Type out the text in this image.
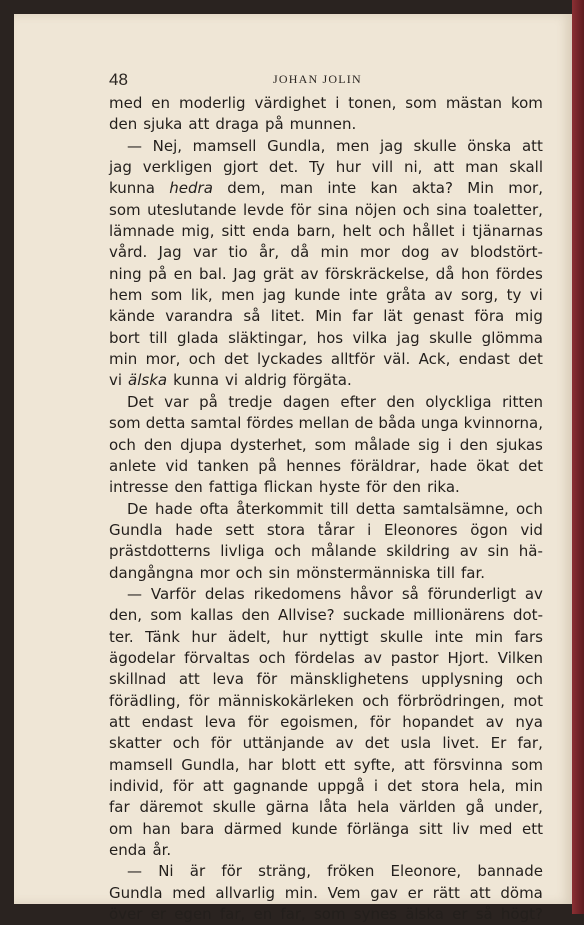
48	JOHAN JOLIN
med en moderlig värdighet i tonen, som mästan kom
den sjuka att draga på munnen.
— Nej, mamsell Gundla, men jag skulle önska att
jag verkligen gjort det. Ty hur vill ni, att man skall
kunna hedra dem, man inte kan akta? Min mor,
som uteslutande levde för sina nöjen och sina toaletter,
lämnade mig, sitt enda barn, helt och hållet i tjänarnas
vård. Jag var tio år, då min mor dog av blodstört-
ning på en bal. Jag grät av förskräckelse, då hon fördes
hem som lik, men jag kunde inte gråta av sorg, ty vi
kände varandra så litet. Min far lät genast föra mig
bort till glada släktingar, hos vilka jag skulle glömma
min mor, och det lyckades alltför väl. Ack, endast det
vi älska kunna vi aldrig förgäta.
Det var på tredje dagen efter den olyckliga ritten
som detta samtal fördes mellan de båda unga kvinnorna,
och den djupa dysterhet, som målade sig i den sjukas
anlete vid tanken på hennes föräldrar, hade ökat det
intresse den fattiga flickan hyste för den rika.
De hade ofta återkommit till detta samtalsämne, och
Gundla hade sett stora tårar i Eleonores ögon vid
prästdotterns livliga och målande skildring av sin hä-
dangångna mor och sin mönstermänniska till far.
— Varför delas rikedomens håvor så förunderligt av
den, som kallas den Allvise? suckade millionärens dot-
ter. Tänk hur ädelt, hur nyttigt skulle inte min fars
ägodelar förvaltas och fördelas av pastor Hjort. Vilken
skillnad att leva för mänsklighetens upplysning och
förädling, för människokärleken och förbrödringen, mot
att endast leva för egoismen, för hopandet av nya
skatter och för uttänjande av det usla livet. Er far,
mamsell Gundla, har blott ett syfte, att försvinna som
individ, för att gagnande uppgå i det stora hela, min
far däremot skulle gärna låta hela världen gå under,
om han bara därmed kunde förlänga sitt liv med ett
enda år.
— Ni är för sträng, fröken Eleonore, bannade
Gundla med allvarlig min. Vem gav er rätt att döma
över er egen far, en far, som synes älska er så högt?
